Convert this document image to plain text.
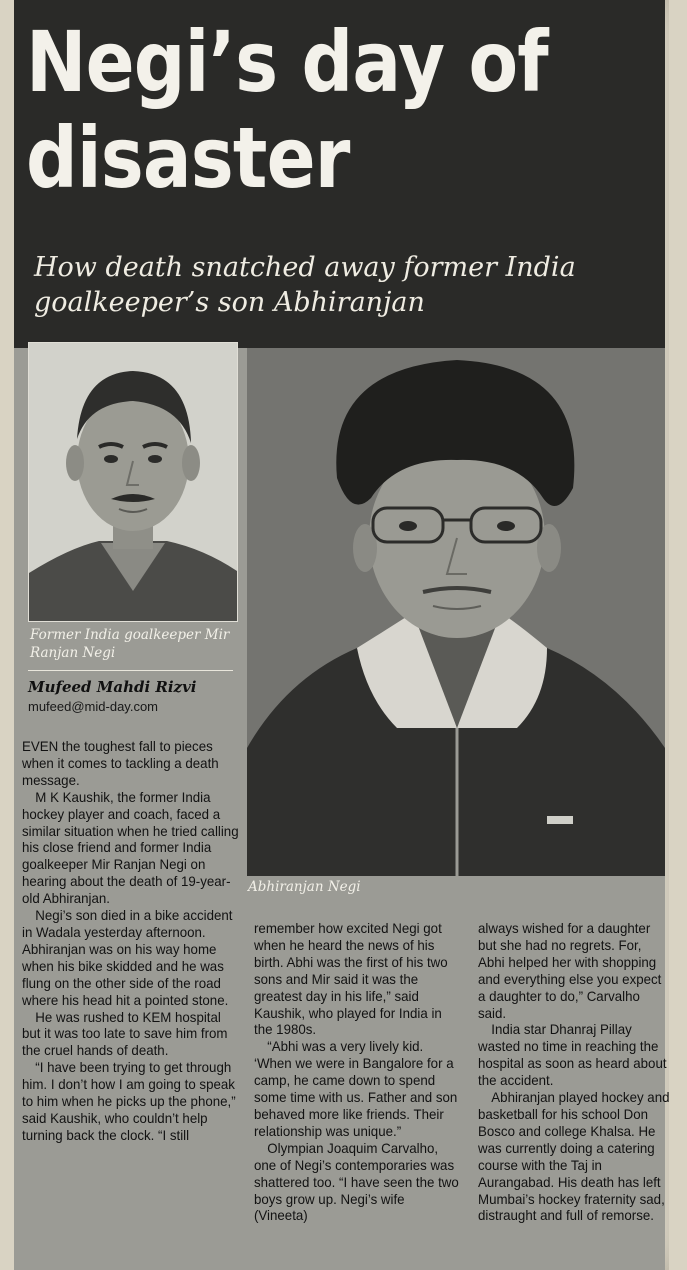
Negi’s day of disaster

How death snatched away former India goalkeeper’s son Abhiranjan

Former India goalkeeper Mir Ranjan Negi

Abhiranjan Negi

Mufeed Mahdi Rizvi

mufeed@mid-day.com

EVEN the toughest fall to pieces when it comes to tackling a death message.

M K Kaushik, the former India hockey player and coach, faced a similar situation when he tried calling his close friend and former India goalkeeper Mir Ranjan Negi on hearing about the death of 19-year-old Abhiranjan.

Negi’s son died in a bike accident in Wadala yesterday afternoon. Abhiranjan was on his way home when his bike skidded and he was flung on the other side of the road where his head hit a pointed stone.

He was rushed to KEM hospital but it was too late to save him from the cruel hands of death.

“I have been trying to get through him. I don’t how I am going to speak to him when he picks up the phone,” said Kaushik, who couldn’t help turning back the clock. “I still

remember how excited Negi got when he heard the news of his birth. Abhi was the first of his two sons and Mir said it was the greatest day in his life,” said Kaushik, who played for India in the 1980s.

“Abhi was a very lively kid. ‘When we were in Bangalore for a camp, he came down to spend some time with us. Father and son behaved more like friends. Their relationship was unique.”

Olympian Joaquim Carvalho, one of Negi’s contemporaries was shattered too. “I have seen the two boys grow up. Negi’s wife (Vineeta)

always wished for a daughter but she had no regrets. For, Abhi helped her with shopping and everything else you expect a daughter to do,” Carvalho said.

India star Dhanraj Pillay wasted no time in reaching the hospital as soon as heard about the accident.

Abhiranjan played hockey and basketball for his school Don Bosco and college Khalsa. He was currently doing a catering course with the Taj in Aurangabad. His death has left Mumbai’s hockey fraternity sad, distraught and full of remorse.
